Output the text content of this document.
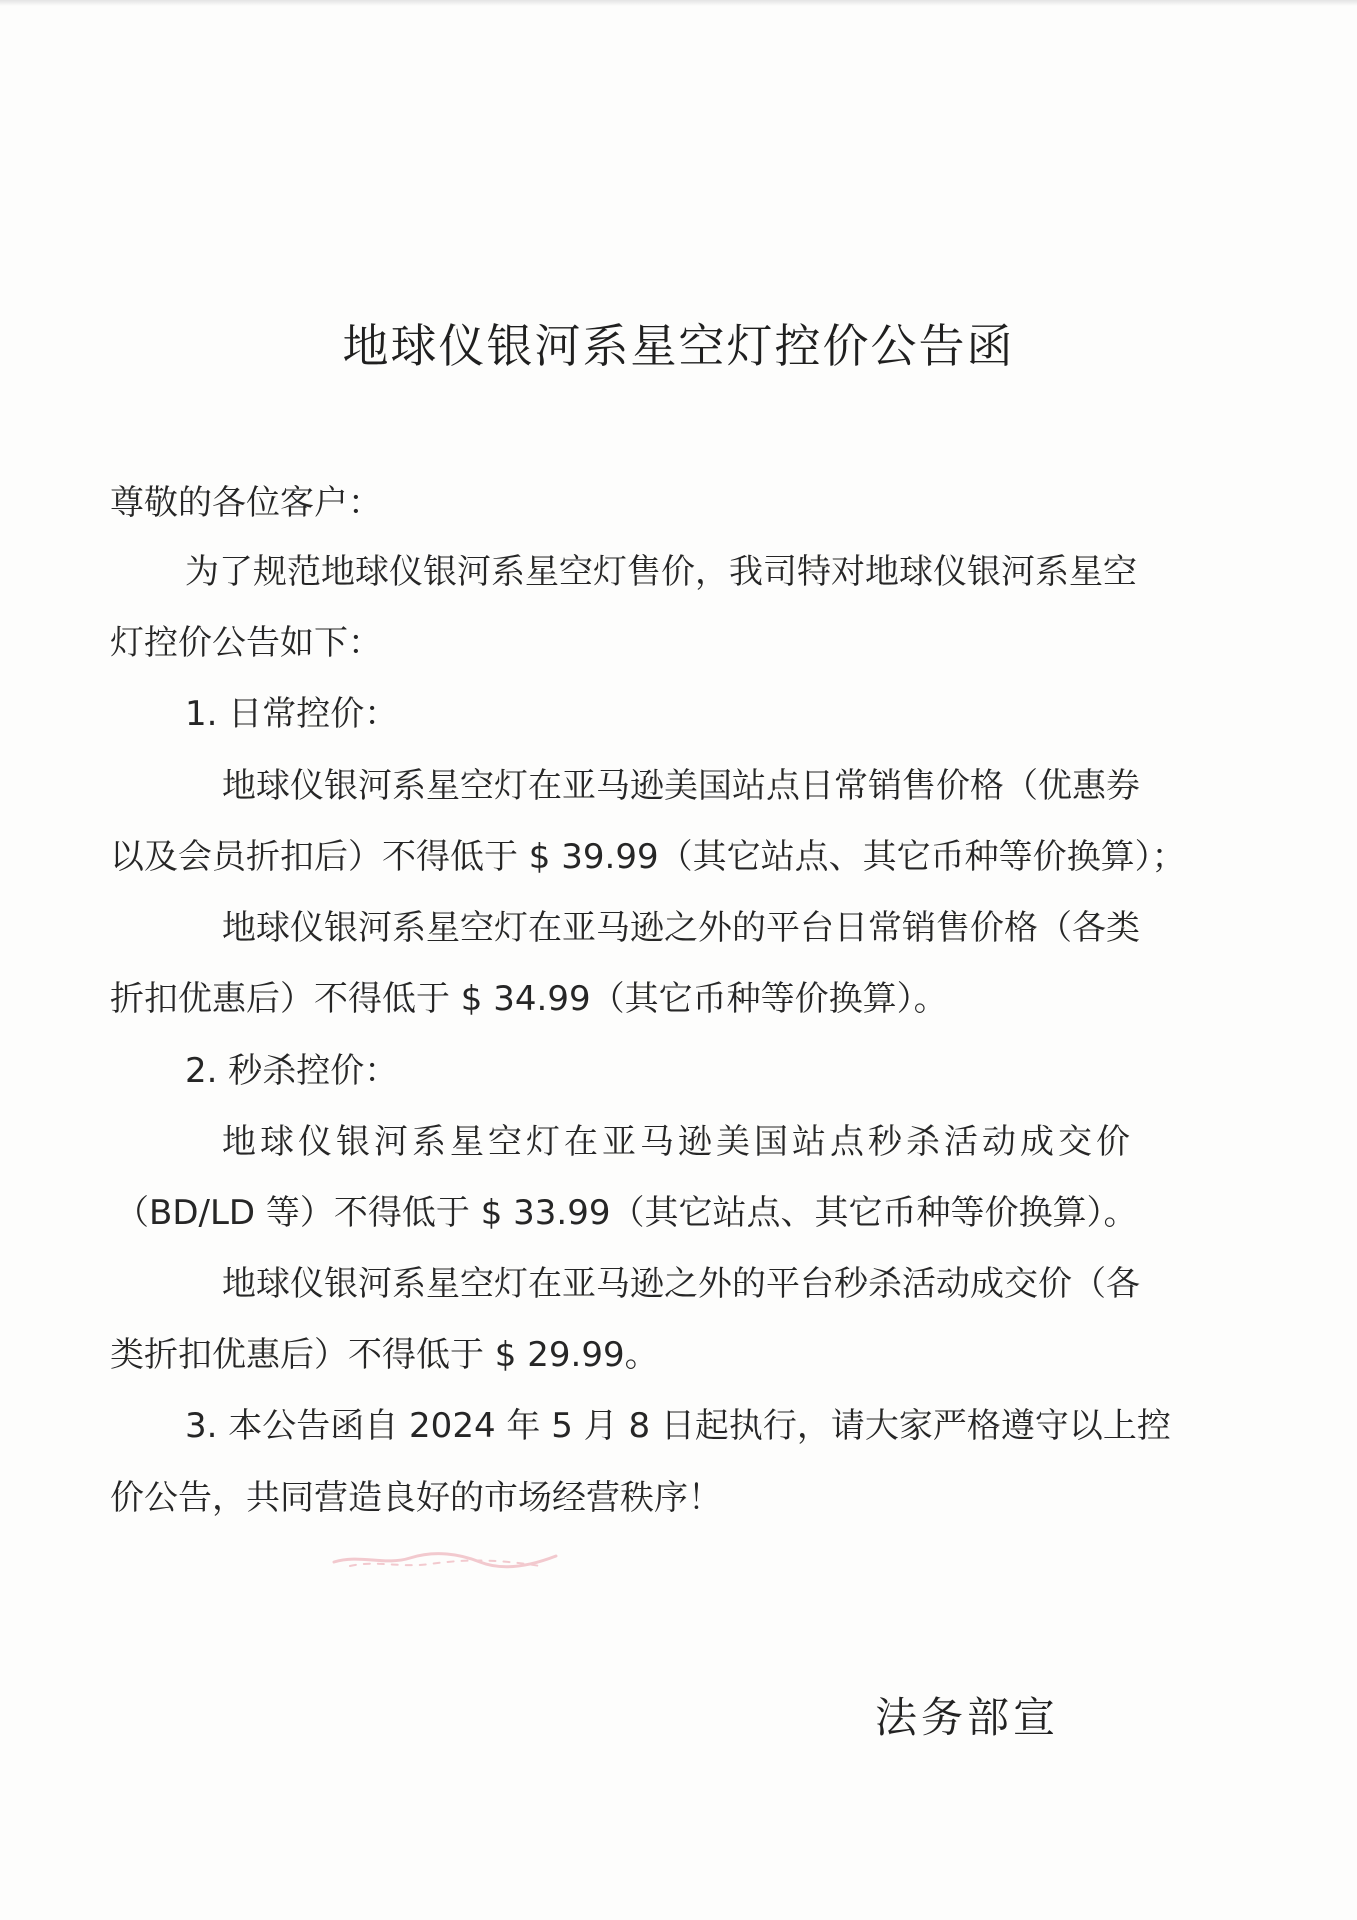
地球仪银河系星空灯控价公告函
尊敬的各位客户：
为了规范地球仪银河系星空灯售价，我司特对地球仪银河系星空
灯控价公告如下：
1. 日常控价：
地球仪银河系星空灯在亚马逊美国站点日常销售价格（优惠券
以及会员折扣后）不得低于 $ 39.99（其它站点、其它币种等价换算）；
地球仪银河系星空灯在亚马逊之外的平台日常销售价格（各类
折扣优惠后）不得低于 $ 34.99（其它币种等价换算）。
2. 秒杀控价：
地球仪银河系星空灯在亚马逊美国站点秒杀活动成交价
（BD/LD 等）不得低于 $ 33.99（其它站点、其它币种等价换算）。
地球仪银河系星空灯在亚马逊之外的平台秒杀活动成交价（各
类折扣优惠后）不得低于 $ 29.99。
3. 本公告函自 2024 年 5 月 8 日起执行，请大家严格遵守以上控
价公告，共同营造良好的市场经营秩序！
法务部宣
